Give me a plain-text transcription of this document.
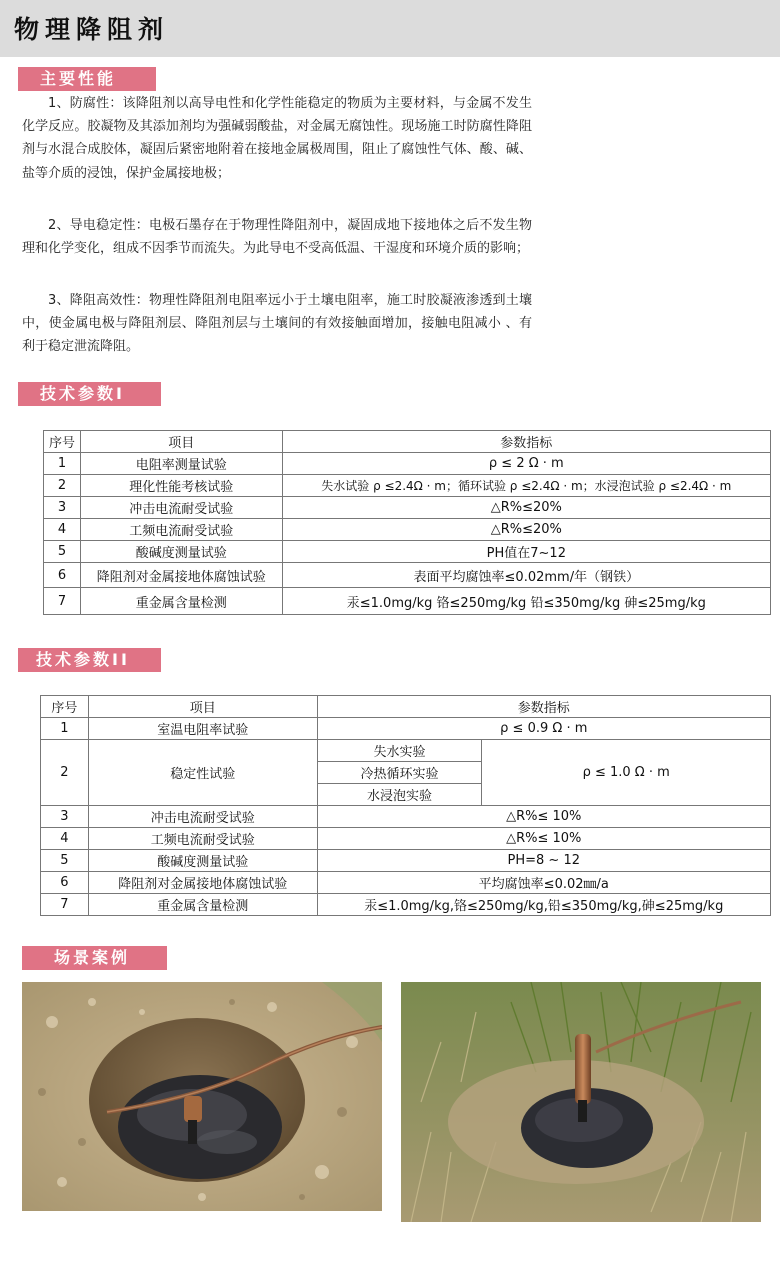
物理降阻剂
主要性能

1、防腐性：该降阻剂以高导电性和化学性能稳定的物质为主要材料，与金属不发生化学反应。胶凝物及其添加剂均为强碱弱酸盐，对金属无腐蚀性。现场施工时防腐性降阻剂与水混合成胶体，凝固后紧密地附着在接地金属极周围，阻止了腐蚀性气体、酸、碱、盐等介质的浸蚀，保护金属接地极；

2、导电稳定性：电极石墨存在于物理性降阻剂中，凝固成地下接地体之后不发生物理和化学变化，组成不因季节而流失。为此导电不受高低温、干湿度和环境介质的影响；

3、降阻高效性：物理性降阻剂电阻率远小于土壤电阻率，施工时胶凝液渗透到土壤中，使金属电极与降阻剂层、降阻剂层与土壤间的有效接触面增加，接触电阻减小 、有利于稳定泄流降阻。

技术参数I
序号	项目	参数指标
1	电阻率测量试验	ρ ≤ 2 Ω · m
2	理化性能考核试验	失水试验 ρ ≤2.4Ω · m；循环试验 ρ ≤2.4Ω · m；水浸泡试验 ρ ≤2.4Ω · m
3	冲击电流耐受试验	△R%≤20%
4	工频电流耐受试验	△R%≤20%
5	酸碱度测量试验	PH值在7~12
6	降阻剂对金属接地体腐蚀试验	表面平均腐蚀率≤0.02mm/年（钢铁）
7	重金属含量检测	汞≤1.0mg/kg 铬≤250mg/kg 铅≤350mg/kg 砷≤25mg/kg
技术参数II
序号	项目	参数指标	
1	室温电阻率试验	ρ ≤ 0.9 Ω · m	
2	稳定性试验	失水实验	ρ ≤ 1.0 Ω · m
		冷热循环实验	
		水浸泡实验	
3	冲击电流耐受试验	△R%≤ 10%	
4	工频电流耐受试验	△R%≤ 10%	
5	酸碱度测量试验	PH=8 ~ 12	
6	降阻剂对金属接地体腐蚀试验	平均腐蚀率≤0.02㎜/a	
7	重金属含量检测	汞≤1.0mg/kg,铬≤250mg/kg,铅≤350mg/kg,砷≤25mg/kg	
场景案例
